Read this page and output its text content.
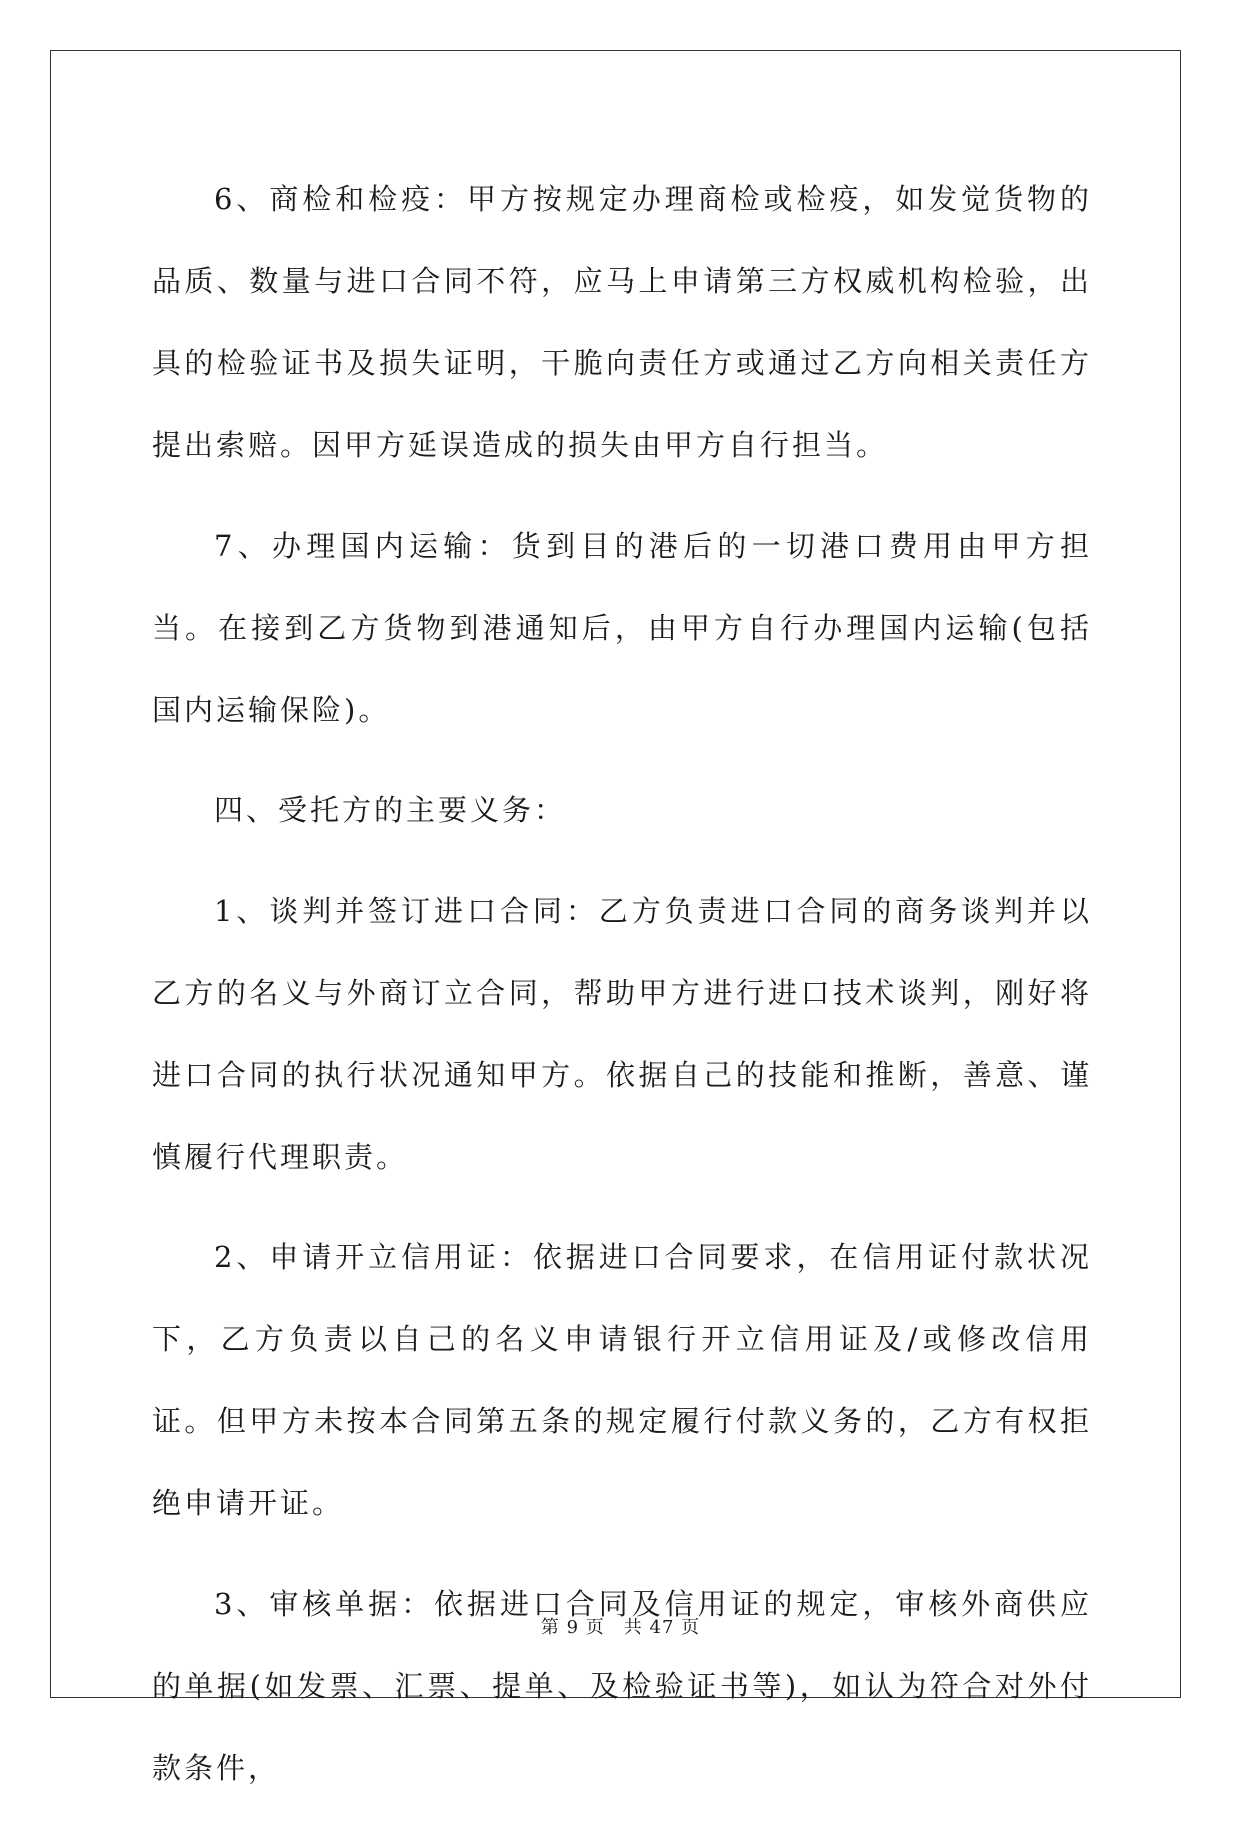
6、商检和检疫：甲方按规定办理商检或检疫，如发觉货物的品质、数量与进口合同不符，应马上申请第三方权威机构检验，出具的检验证书及损失证明，干脆向责任方或通过乙方向相关责任方提出索赔。因甲方延误造成的损失由甲方自行担当。

7、办理国内运输：货到目的港后的一切港口费用由甲方担当。在接到乙方货物到港通知后，由甲方自行办理国内运输(包括国内运输保险)。

四、受托方的主要义务：

1、谈判并签订进口合同：乙方负责进口合同的商务谈判并以乙方的名义与外商订立合同，帮助甲方进行进口技术谈判，刚好将进口合同的执行状况通知甲方。依据自己的技能和推断，善意、谨慎履行代理职责。

2、申请开立信用证：依据进口合同要求，在信用证付款状况下，乙方负责以自己的名义申请银行开立信用证及/或修改信用证。但甲方未按本合同第五条的规定履行付款义务的，乙方有权拒绝申请开证。

3、审核单据：依据进口合同及信用证的规定，审核外商供应的单据(如发票、汇票、提单、及检验证书等)，如认为符合对外付款条件，

第 9 页　共 47 页
